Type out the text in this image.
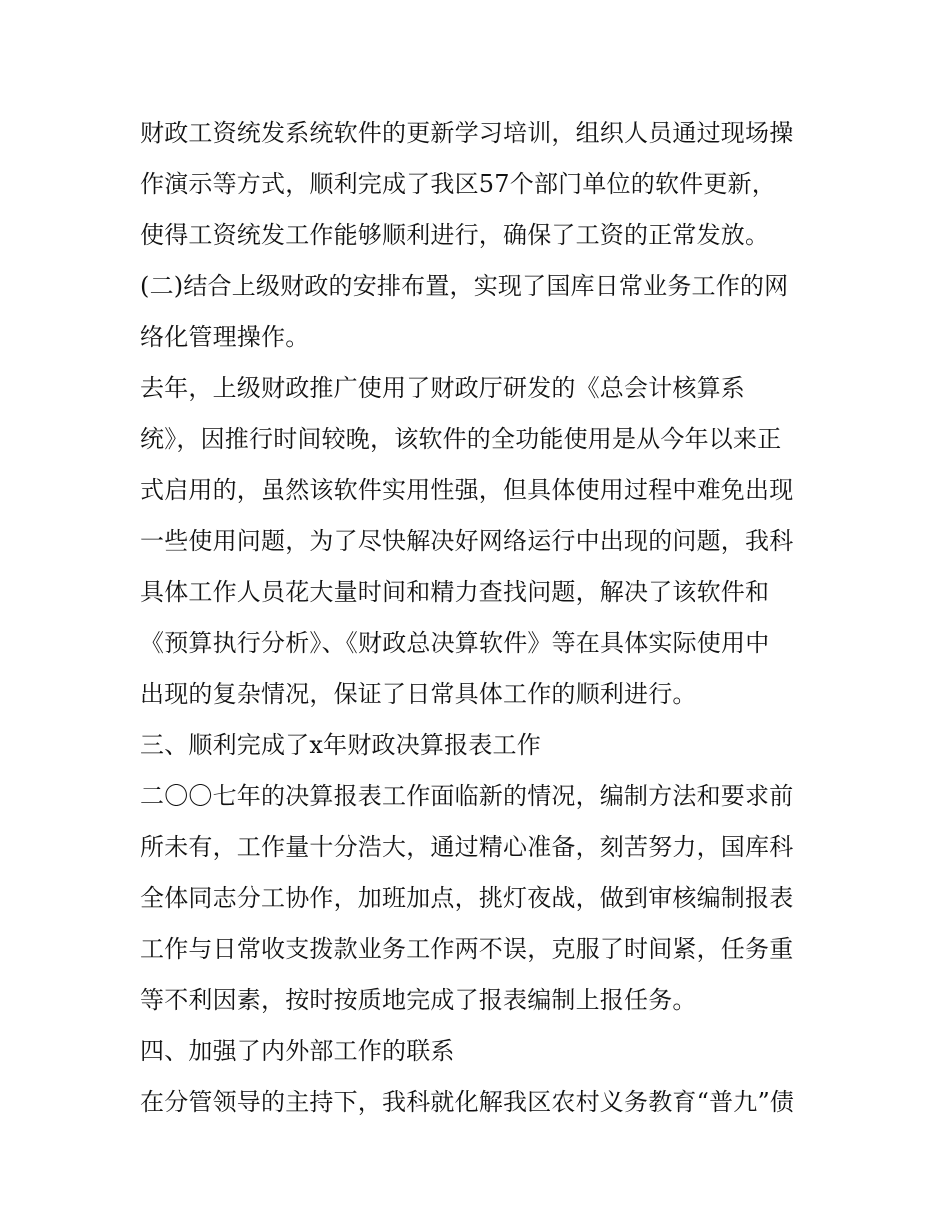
财政工资统发系统软件的更新学习培训，组织人员通过现场操
作演示等方式，顺利完成了我区57个部门单位的软件更新，
使得工资统发工作能够顺利进行，确保了工资的正常发放。
(二)结合上级财政的安排布置，实现了国库日常业务工作的网
络化管理操作。
去年，上级财政推广使用了财政厅研发的《总会计核算系
统》，因推行时间较晚，该软件的全功能使用是从今年以来正
式启用的，虽然该软件实用性强，但具体使用过程中难免出现
一些使用问题，为了尽快解决好网络运行中出现的问题，我科
具体工作人员花大量时间和精力查找问题，解决了该软件和
《预算执行分析》、《财政总决算软件》等在具体实际使用中
出现的复杂情况，保证了日常具体工作的顺利进行。
三、顺利完成了x年财政决算报表工作
二〇〇七年的决算报表工作面临新的情况，编制方法和要求前
所未有，工作量十分浩大，通过精心准备，刻苦努力，国库科
全体同志分工协作，加班加点，挑灯夜战，做到审核编制报表
工作与日常收支拨款业务工作两不误，克服了时间紧，任务重
等不利因素，按时按质地完成了报表编制上报任务。
四、加强了内外部工作的联系
在分管领导的主持下，我科就化解我区农村义务教育“普九”债
